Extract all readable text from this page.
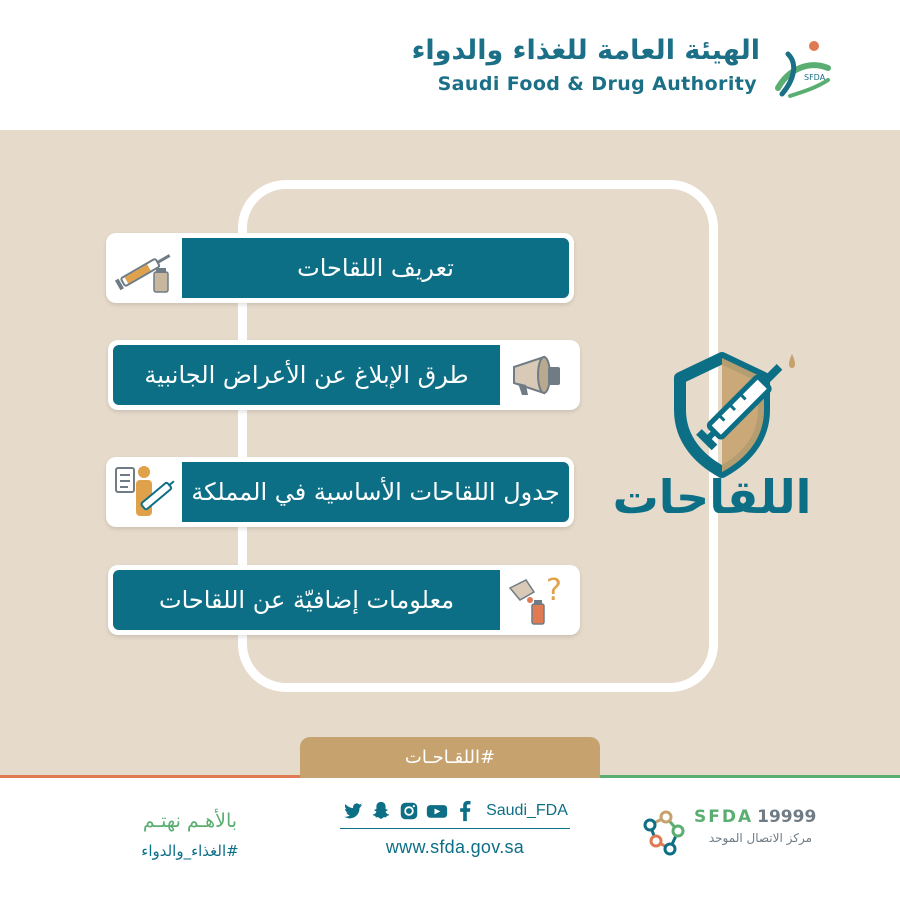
الهيئة العامة للغذاء والدواء
Saudi Food & Drug Authority	SFDA
اللقاحات
تعريف اللقاحات
طرق الإبلاغ عن الأعراض الجانبية
جدول اللقاحات الأساسية في المملكة
معلومات إضافيّة عن اللقاحات	?
#اللقـاحـات
بالأهـم نهتـم
#الغذاء_والدواء
Saudi_FDA
www.sfda.gov.sa
SFDA 19999
مركز الاتصال الموحد
